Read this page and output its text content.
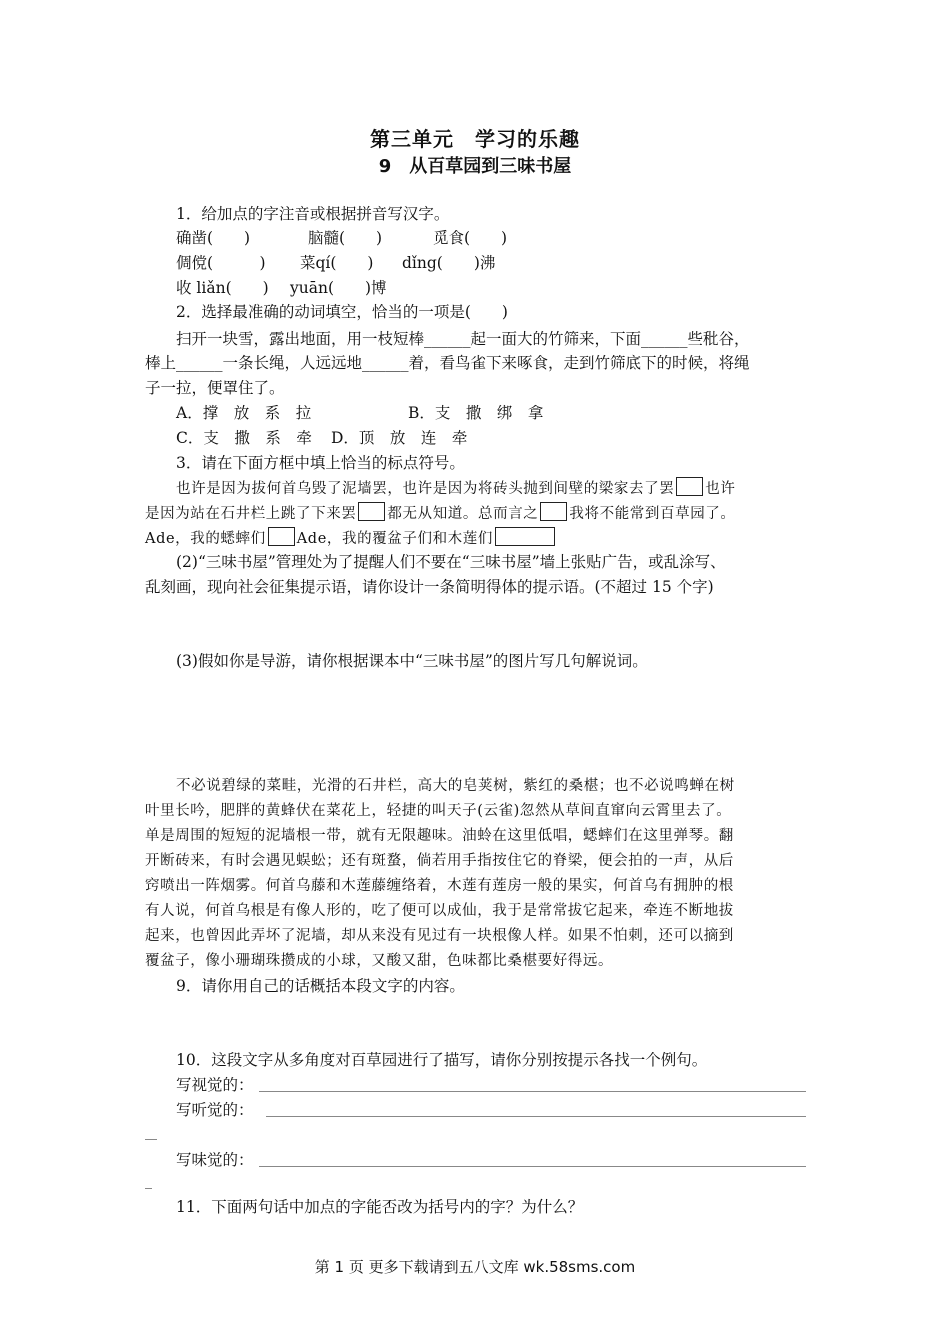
第三单元　学习的乐趣
9　从百草园到三味书屋
1．给加点的字注音或根据拼音写汉字。
确凿(　　)	脑髓(　　)	觅食(　　)
倜傥(　　　) 菜qí(　　) dǐng(　　)沸
收 liǎn(　　) yuān(　　)博
2．选择最准确的动词填空，恰当的一项是(　　)
扫开一块雪，露出地面，用一枝短棒______起一面大的竹筛来，下面______些秕谷，
棒上______一条长绳，人远远地______着，看鸟雀下来啄食，走到竹筛底下的时候，将绳
子一拉，便罩住了。
A．撑　放　系　拉	B．支　撒　绑　拿
C．支　撒　系　牵 D．顶　放　连　牵
3．请在下面方框中填上恰当的标点符号。
也许是因为拔何首乌毁了泥墙罢，也许是因为将砖头抛到间壁的梁家去了罢 也许
是因为站在石井栏上跳了下来罢 都无从知道。总而言之 我将不能常到百草园了。
Ade，我的蟋蟀们 Ade，我的覆盆子们和木莲们
(2)“三味书屋”管理处为了提醒人们不要在“三味书屋”墙上张贴广告，或乱涂写、
乱刻画，现向社会征集提示语，请你设计一条简明得体的提示语。(不超过 15 个字)
(3)假如你是导游，请你根据课本中“三味书屋”的图片写几句解说词。
不必说碧绿的菜畦，光滑的石井栏，高大的皂荚树，紫红的桑椹；也不必说鸣蝉在树
叶里长吟，肥胖的黄蜂伏在菜花上，轻捷的叫天子(云雀)忽然从草间直窜向云霄里去了。
单是周围的短短的泥墙根一带，就有无限趣味。油蛉在这里低唱，蟋蟀们在这里弹琴。翻
开断砖来，有时会遇见蜈蚣；还有斑蝥，倘若用手指按住它的脊梁，便会拍的一声，从后
窍喷出一阵烟雾。何首乌藤和木莲藤缠络着，木莲有莲房一般的果实，何首乌有拥肿的根
有人说，何首乌根是有像人形的，吃了便可以成仙，我于是常常拔它起来，牵连不断地拔
起来，也曾因此弄坏了泥墙，却从来没有见过有一块根像人样。如果不怕刺，还可以摘到
覆盆子，像小珊瑚珠攒成的小球，又酸又甜，色味都比桑椹要好得远。
9．请你用自己的话概括本段文字的内容。
10．这段文字从多角度对百草园进行了描写，请你分别按提示各找一个例句。
写视觉的：
写听觉的：
写味觉的：
11．下面两句话中加点的字能否改为括号内的字？为什么？
第 1 页 更多下载请到五八文库 wk.58sms.com
